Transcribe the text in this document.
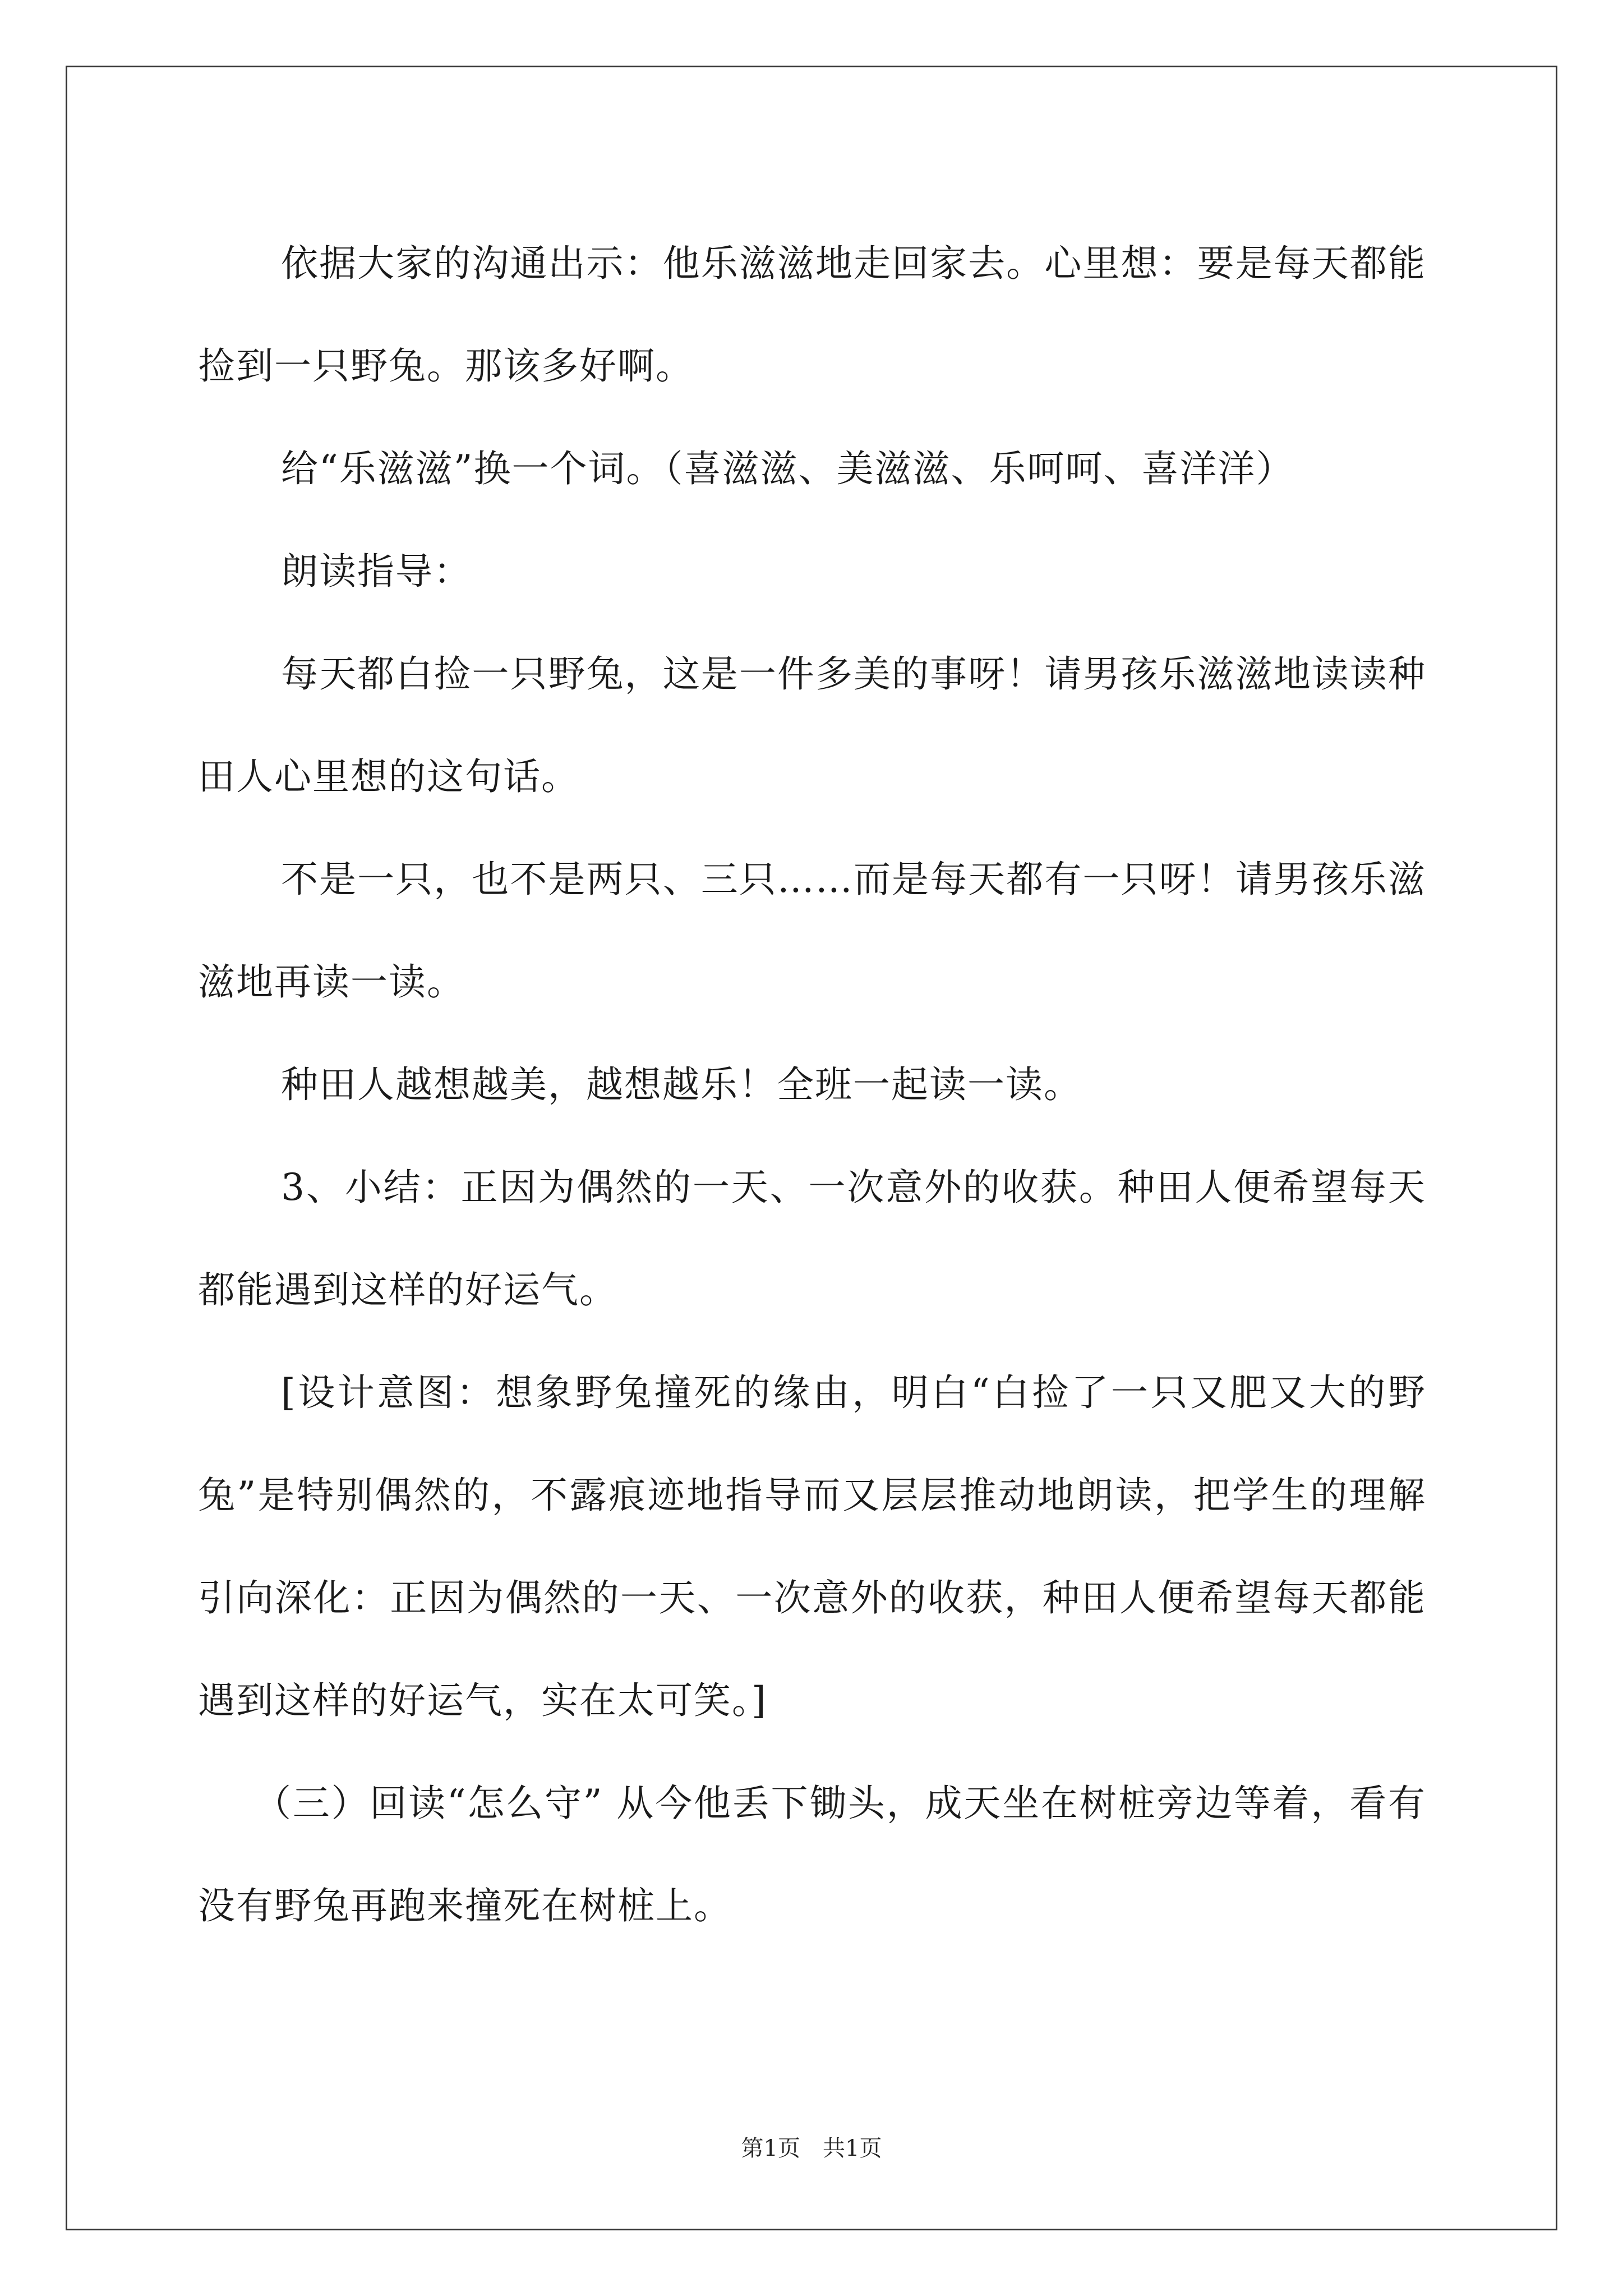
依据大家的沟通出示：他乐滋滋地走回家去。心里想：要是每天都能捡到一只野兔。那该多好啊。

给“乐滋滋”换一个词。（喜滋滋、美滋滋、乐呵呵、喜洋洋）

朗读指导：

每天都白捡一只野兔，这是一件多美的事呀！请男孩乐滋滋地读读种田人心里想的这句话。

不是一只，也不是两只、三只……而是每天都有一只呀！请男孩乐滋滋地再读一读。

种田人越想越美，越想越乐！全班一起读一读。

3、小结：正因为偶然的一天、一次意外的收获。种田人便希望每天都能遇到这样的好运气。

[设计意图：想象野兔撞死的缘由，明白“白捡了一只又肥又大的野兔”是特别偶然的，不露痕迹地指导而又层层推动地朗读，把学生的理解引向深化：正因为偶然的一天、一次意外的收获，种田人便希望每天都能遇到这样的好运气，实在太可笑。]

（三）回读“怎么守” 从今他丢下锄头，成天坐在树桩旁边等着，看有没有野兔再跑来撞死在树桩上。

第1页　共1页
